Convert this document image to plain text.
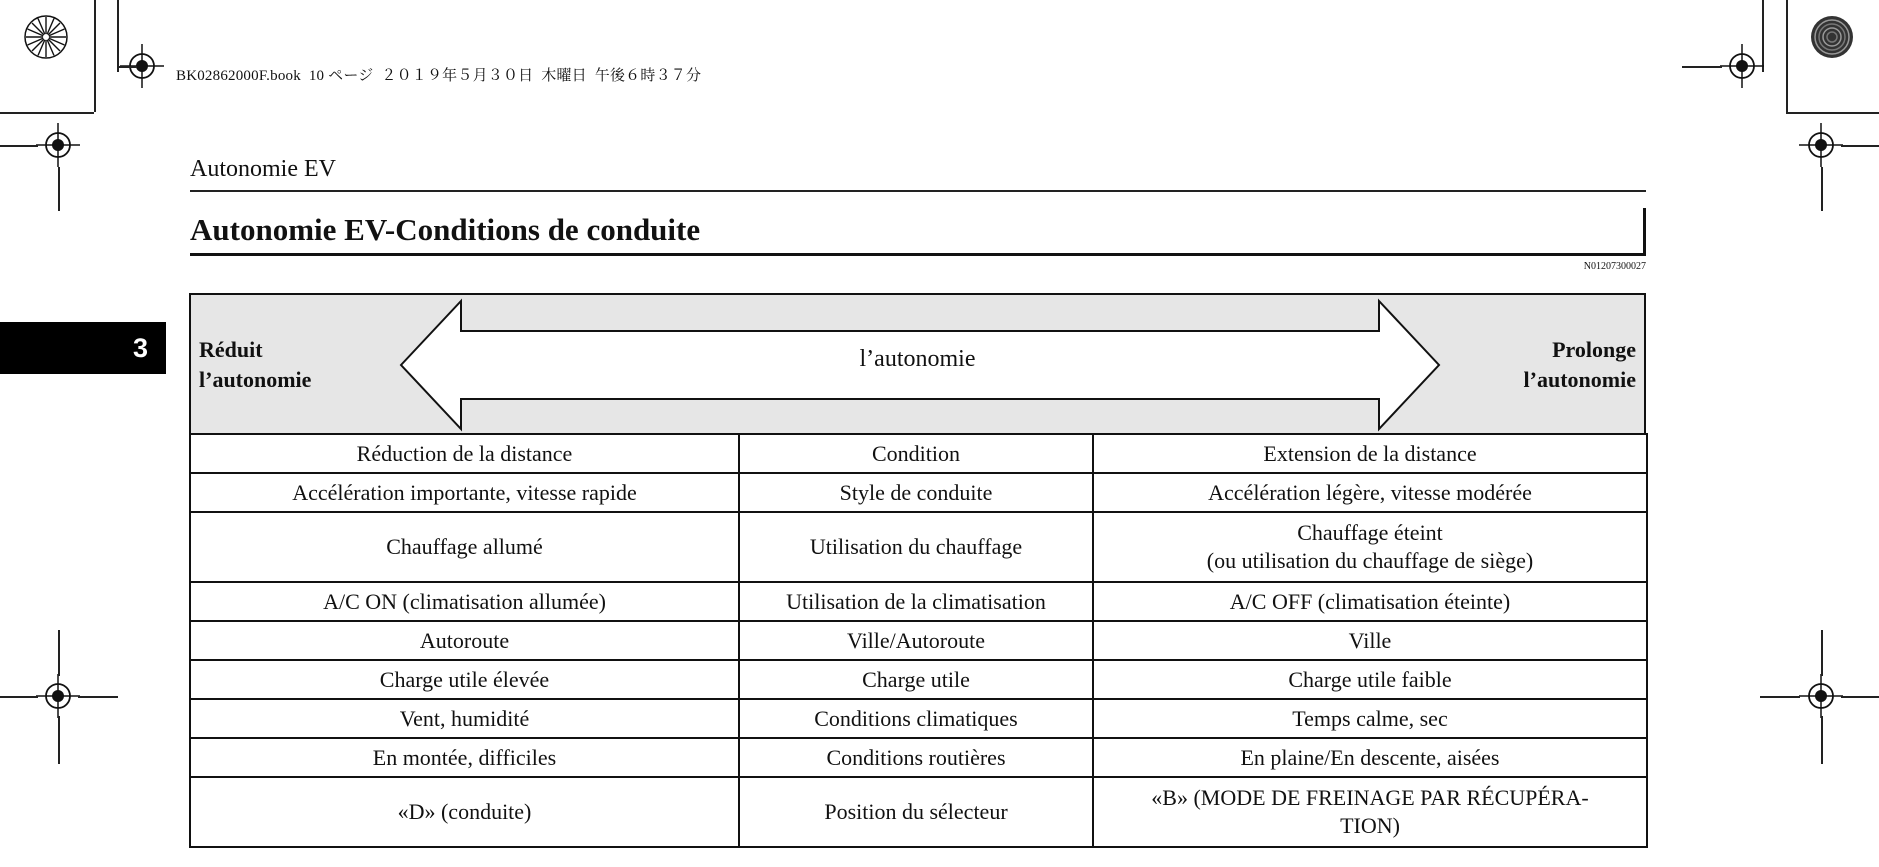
BK02862000F.book  10 ページ  ２０１９年５月３０日  木曜日  午後６時３７分
Autonomie EV
Autonomie EV-Conditions de conduite
N01207300027
3	Réduit
l’autonomie
l’autonomie	Prolonge
l’autonomie
Réduction de la distance	Condition	Extension de la distance
Accélération importante, vitesse rapide	Style de conduite	Accélération légère, vitesse modérée
Chauffage allumé	Utilisation du chauffage	Chauffage éteint
(ou utilisation du chauffage de siège)

A/C ON (climatisation allumée)	Utilisation de la climatisation	A/C OFF (climatisation éteinte)
Autoroute	Ville/Autoroute	Ville
Charge utile élevée	Charge utile	Charge utile faible
Vent, humidité	Conditions climatiques	Temps calme, sec
En montée, difficiles	Conditions routières	En plaine/En descente, aisées
«D» (conduite)	Position du sélecteur	«B» (MODE DE FREINAGE PAR RÉCUPÉRA-
TION)
